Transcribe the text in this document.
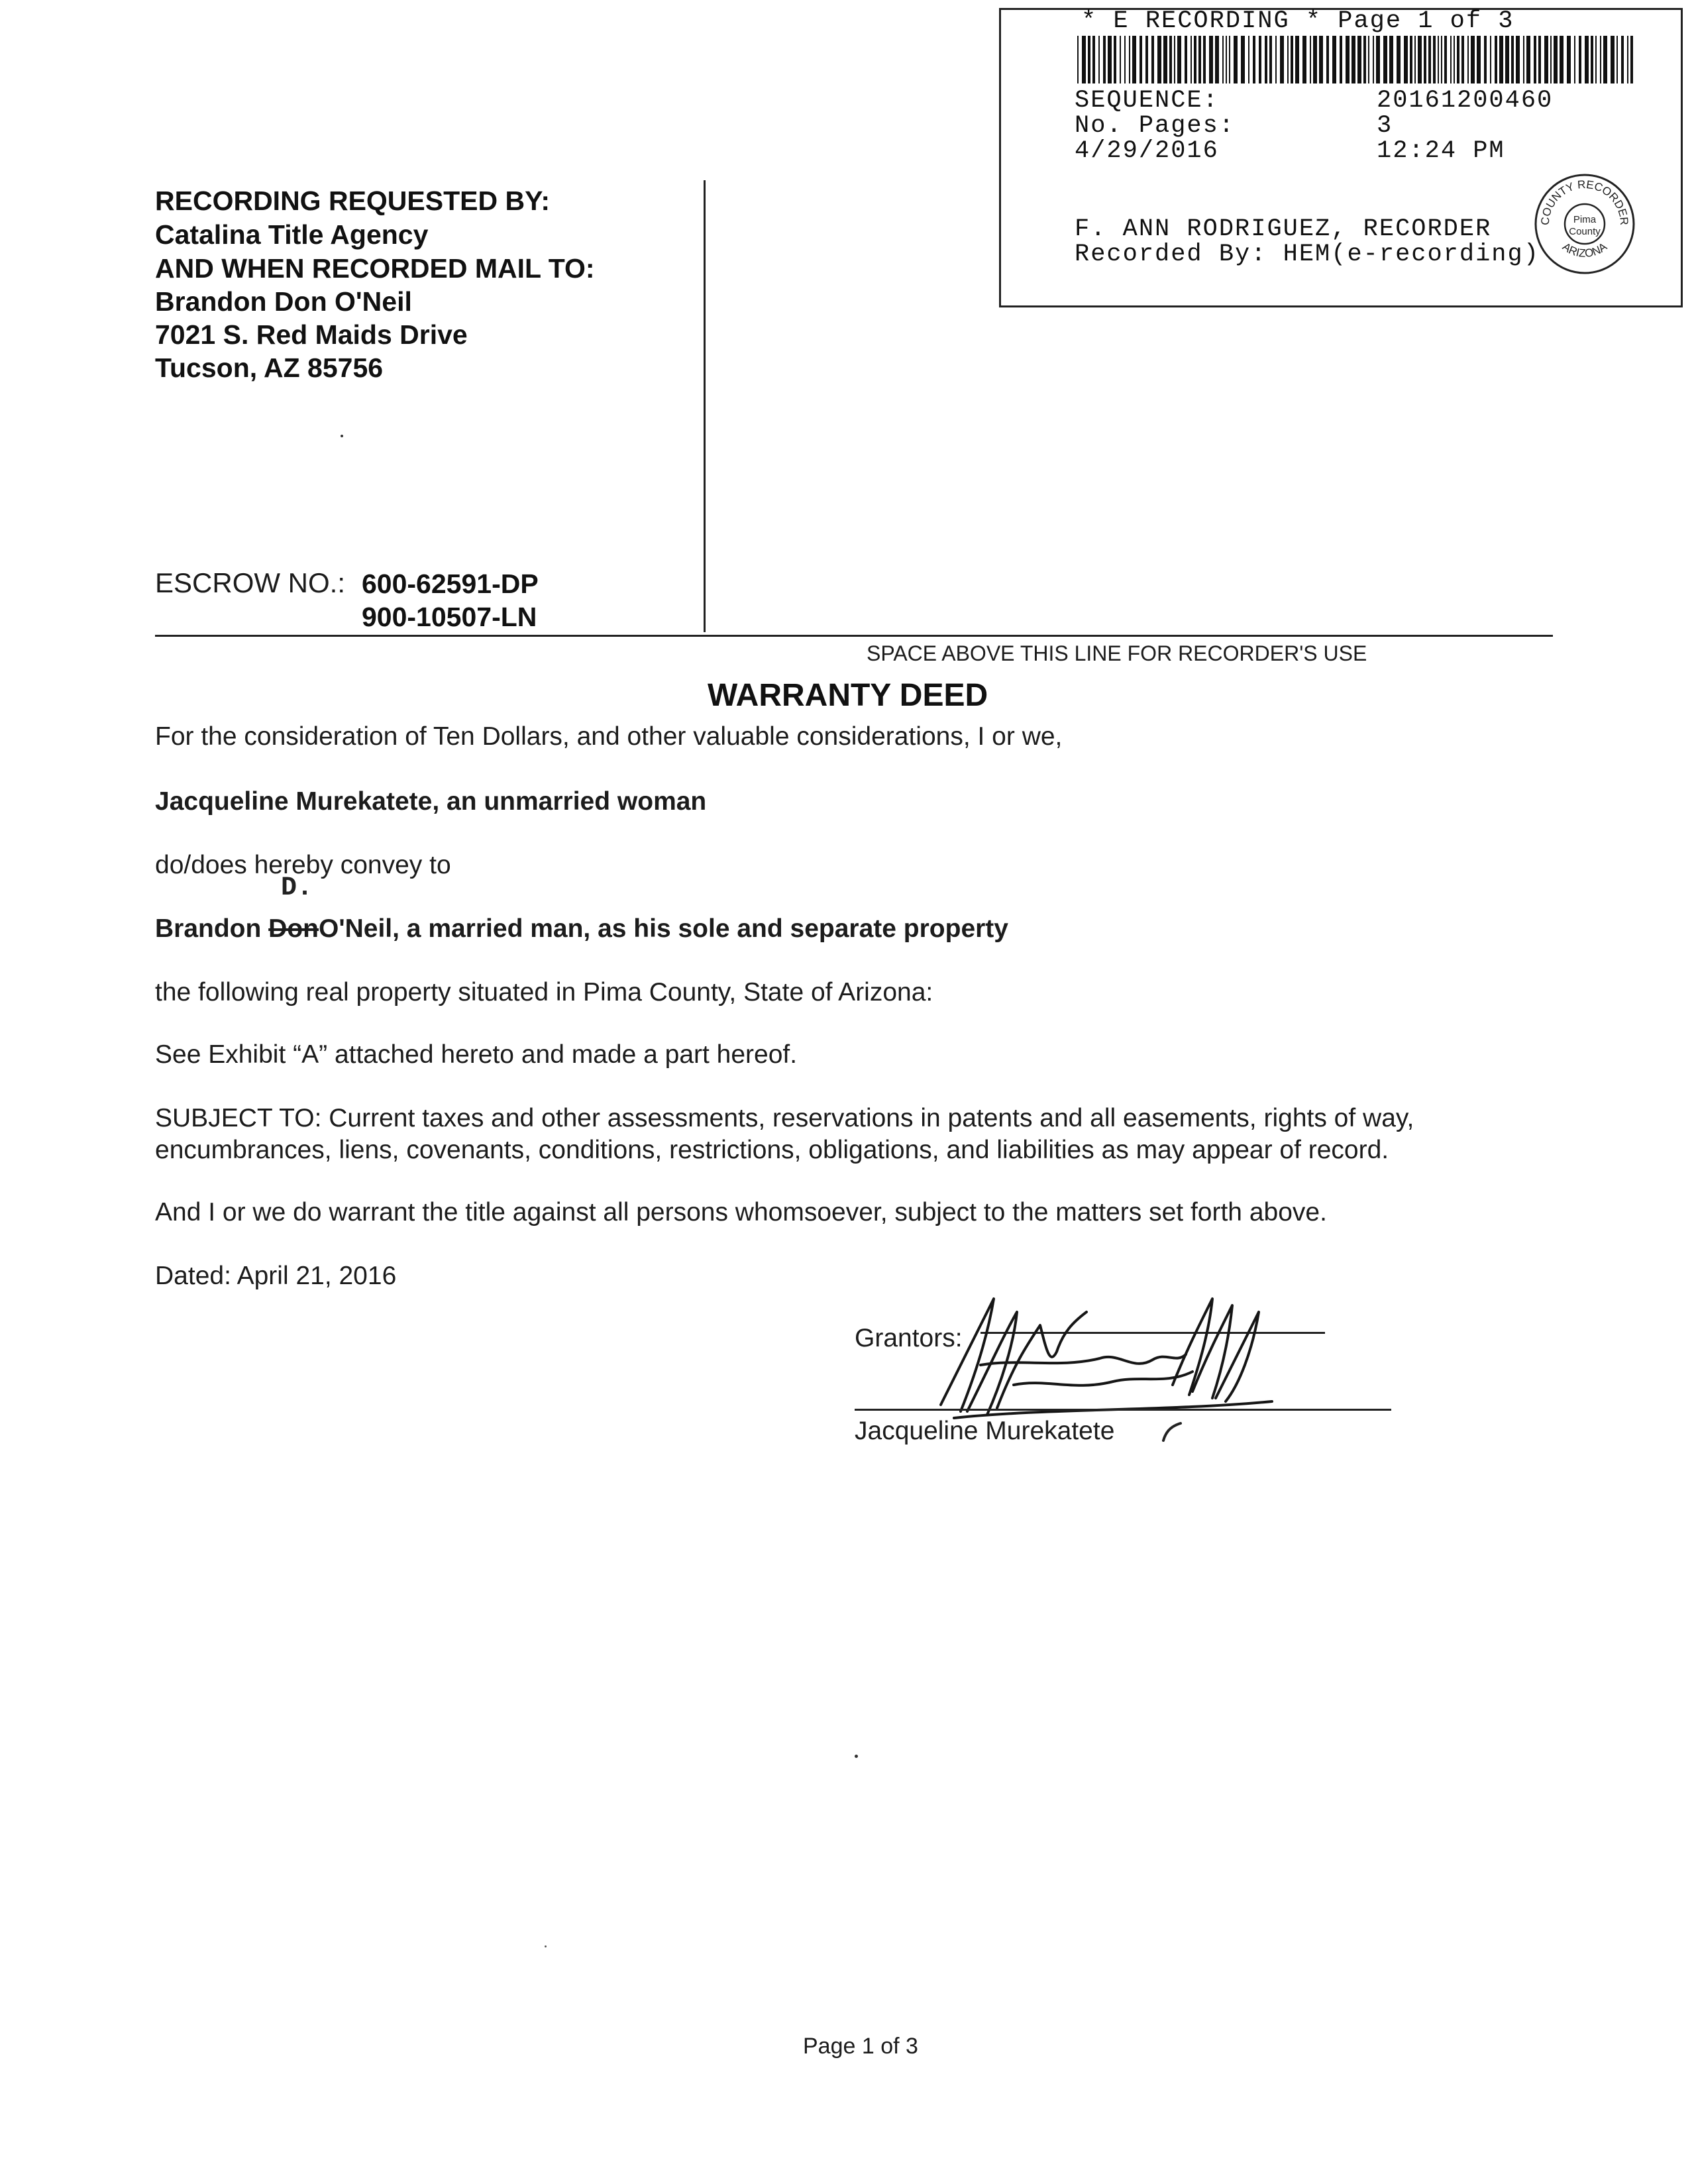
* E RECORDING * Page 1 of 3
SEQUENCE:	20161200460
No. Pages:	3
4/29/2016	12:24 PM
F. ANN RODRIGUEZ, RECORDER
Recorded By: HEM(e-recording)
COUNTY RECORDER
ARIZONA
Pima
County
RECORDING REQUESTED BY:
Catalina Title Agency
AND WHEN RECORDED MAIL TO:
Brandon Don O'Neil
7021 S. Red Maids Drive
Tucson, AZ 85756
ESCROW NO.: 600-62591-DP
900-10507-LN
SPACE ABOVE THIS LINE FOR RECORDER'S USE
WARRANTY DEED
For the consideration of Ten Dollars, and other valuable considerations, I or we,
Jacqueline Murekatete, an unmarried woman
do/does hereby convey to
D.
Brandon DonO'Neil, a married man, as his sole and separate property
the following real property situated in Pima County, State of Arizona:
See Exhibit “A” attached hereto and made a part hereof.
SUBJECT TO: Current taxes and other assessments, reservations in patents and all easements, rights of way,
encumbrances, liens, covenants, conditions, restrictions, obligations, and liabilities as may appear of record.
And I or we do warrant the title against all persons whomsoever, subject to the matters set forth above.
Dated: April 21, 2016
Grantors:
Jacqueline Murekatete
Page 1 of 3
